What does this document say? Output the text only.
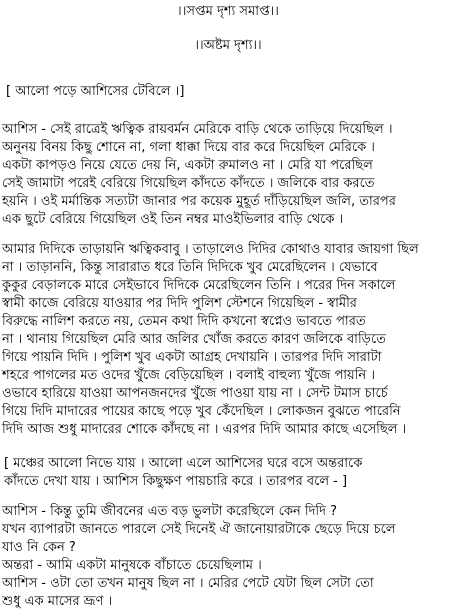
।।সপ্তম দৃশ্য সমাপ্ত।।
।।অষ্টম দৃশ্য।।
[ আলো পড়ে আশিসের টেবিলে ।]
আশিস - সেই রাত্রেই ঋত্বিক রায়বর্মন মেরিকে বাড়ি থেকে তাড়িয়ে দিয়েছিল ।
অনুনয় বিনয় কিছু শোনে না, গলা ধাক্কা দিয়ে বার করে দিয়েছিল মেরিকে ।
একটা কাপড়ও নিয়ে যেতে দেয় নি, একটা রুমালও না । মেরি যা পরেছিল
সেই জামাটা পরেই বেরিয়ে গিয়েছিল কাঁদতে কাঁদতে । জলিকে বার করতে
হয়নি । ওই মর্মান্তিক সত্যটা জানার পর কয়েক মুহূর্ত দাঁড়িয়েছিল জলি, তারপর
এক ছুটে বেরিয়ে গিয়েছিল ওই তিন নম্বর মাওইভিলার বাড়ি থেকে ।
আমার দিদিকে তাড়ায়নি ঋত্বিকবাবু । তাড়ালেও দিদির কোথাও যাবার জায়গা ছিল
না । তাড়াননি, কিন্তু সারারাত ধরে তিনি দিদিকে খুব মেরেছিলেন । যেভাবে
কুকুর বেড়ালকে মারে সেইভাবে দিদিকে মেরেছিলেন তিনি । পরের দিন সকালে
স্বামী কাজে বেরিয়ে যাওয়ার পর দিদি পুলিশ স্টেশনে গিয়েছিল - স্বামীর
বিরুদ্ধে নালিশ করতে নয়, তেমন কথা দিদি কখনো স্বপ্নেও ভাবতে পারত
না । থানায় গিয়েছিল মেরি আর জলির খোঁজ করতে কারণ জলিকে বাড়িতে
গিয়ে পায়নি দিদি । পুলিশ খুব একটা আগ্রহ দেখায়নি । তারপর দিদি সারাটা
শহরে পাগলের মত ওদের খুঁজে বেড়িয়েছিল । বলাই বাহুল্য খুঁজে পায়নি ।
ওভাবে হারিয়ে যাওয়া আপনজনদের খুঁজে পাওয়া যায় না । সেন্ট টমাস চার্চে
গিয়ে দিদি মাদারের পায়ের কাছে পড়ে খুব কেঁদেছিল । লোকজন বুঝতে পারেনি
দিদি আজ শুধু মাদারের শোকে কাঁদছে না । এরপর দিদি আমার কাছে এসেছিল ।
[ মঞ্চের আলো নিভে যায় । আলো এলে আশিসের ঘরে বসে অন্তরাকে
কাঁদতে দেখা যায় । আশিস কিছুক্ষণ পায়চারি করে । তারপর বলে - ]
আশিস - কিন্তু তুমি জীবনের এত বড় ভুলটা করেছিলে কেন দিদি ?
যখন ব্যাপারটা জানতে পারলে সেই দিনেই ঐ জানোয়ারটাকে ছেড়ে দিয়ে চলে
যাও নি কেন ?
অন্তরা - আমি একটা মানুষকে বাঁচাতে চেয়েছিলাম ।
আশিস - ওটা তো তখন মানুষ ছিল না । মেরির পেটে যেটা ছিল সেটা তো
শুধু এক মাসের ভ্রূণ ।
